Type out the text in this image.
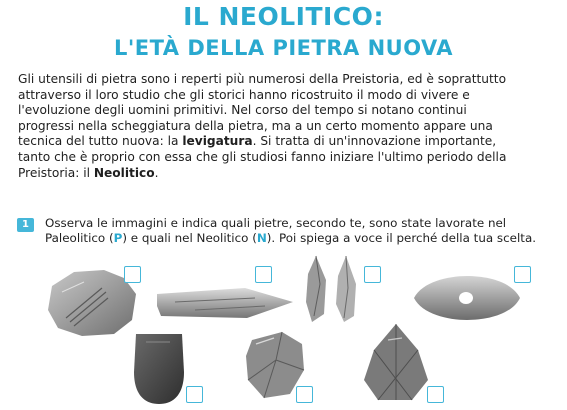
IL NEOLITICO:
L'ETÀ DELLA PIETRA NUOVA

Gli utensili di pietra sono i reperti più numerosi della Preistoria, ed è soprattutto

attraverso il loro studio che gli storici hanno ricostruito il modo di vivere e

l'evoluzione degli uomini primitivi. Nel corso del tempo si notano continui

progressi nella scheggiatura della pietra, ma a un certo momento appare una

tecnica del tutto nuova: la levigatura. Si tratta di un'innovazione importante,

tanto che è proprio con essa che gli studiosi fanno iniziare l'ultimo periodo della

Preistoria: il Neolitico.

1	Osserva le immagini e indica quali pietre, secondo te, sono state lavorate nel

Paleolitico (P) e quali nel Neolitico (N). Poi spiega a voce il perché della tua scelta.
